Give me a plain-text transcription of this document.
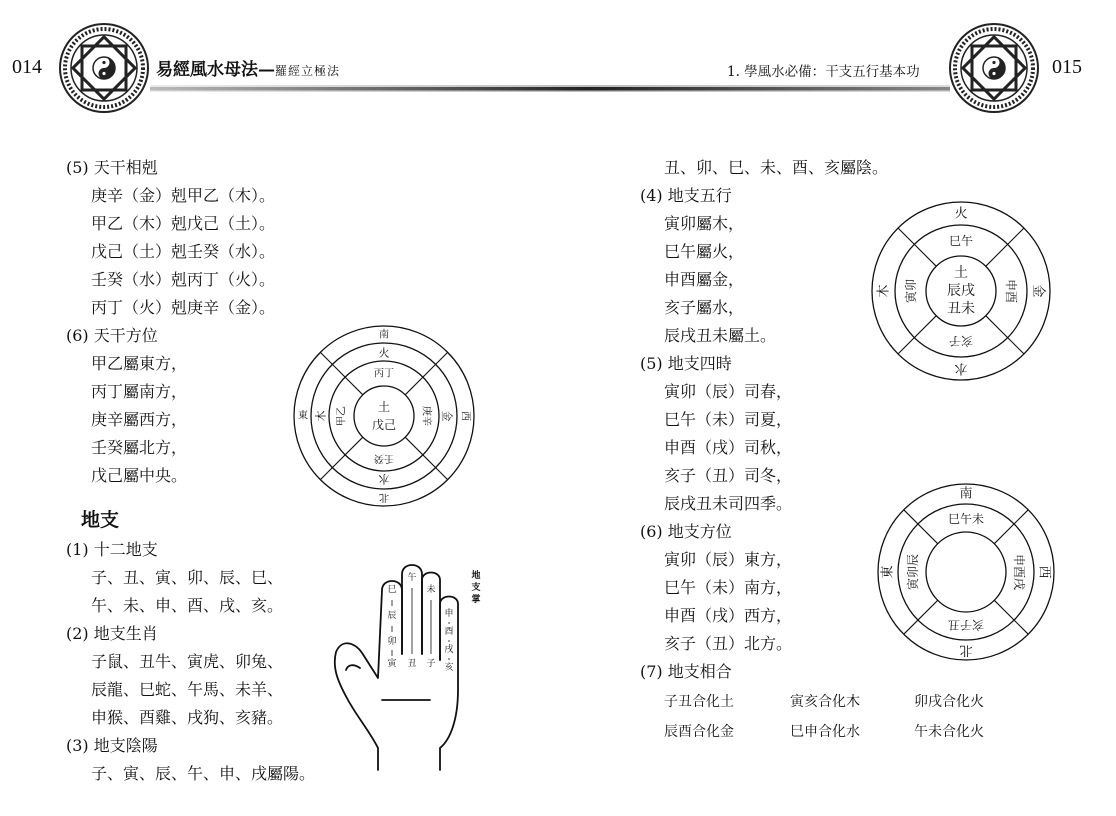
014	易經風水母法—羅經立極法	1. 學風水必備：干支五行基本功	015
(5) 天干相剋
庚辛（金）剋甲乙（木）。
甲乙（木）剋戊己（土）。
戊己（土）剋壬癸（水）。
壬癸（水）剋丙丁（火）。
丙丁（火）剋庚辛（金）。
(6) 天干方位
甲乙屬東方，
丙丁屬南方，
庚辛屬西方，
壬癸屬北方，
戊己屬中央。
南
東	西
北
火
木	金
水
丙丁
甲乙	庚辛
壬癸
土
戊己
地支
(1) 十二地支
子、丑、寅、卯、辰、巳、
午、未、申、酉、戌、亥。
(2) 地支生肖
子鼠、丑牛、寅虎、卯兔、
辰龍、巳蛇、午馬、未羊、
申猴、酉雞、戌狗、亥豬。
(3) 地支陰陽
子、寅、辰、午、申、戌屬陽。
巳
辰
卯
寅
午
丑
未
子
申
酉
戌
亥
地
支
掌
丑、卯、巳、未、酉、亥屬陰。
(4) 地支五行
寅卯屬木，
巳午屬火，
申酉屬金，
亥子屬水，
辰戌丑未屬土。
(5) 地支四時
寅卯（辰）司春，
巳午（未）司夏，
申酉（戌）司秋，
亥子（丑）司冬，
辰戌丑未司四季。
(6) 地支方位
寅卯（辰）東方，
巳午（未）南方，
申酉（戌）西方，
亥子（丑）北方。
(7) 地支相合
子丑合化土	寅亥合化木	卯戌合化火
辰酉合化金	巳申合化水	午未合化火
火
木	金
水
巳午
寅卯	申酉
亥子
土
辰戌
丑未
南
東	西
北
巳午未
寅卯辰	申酉戌
亥子丑
